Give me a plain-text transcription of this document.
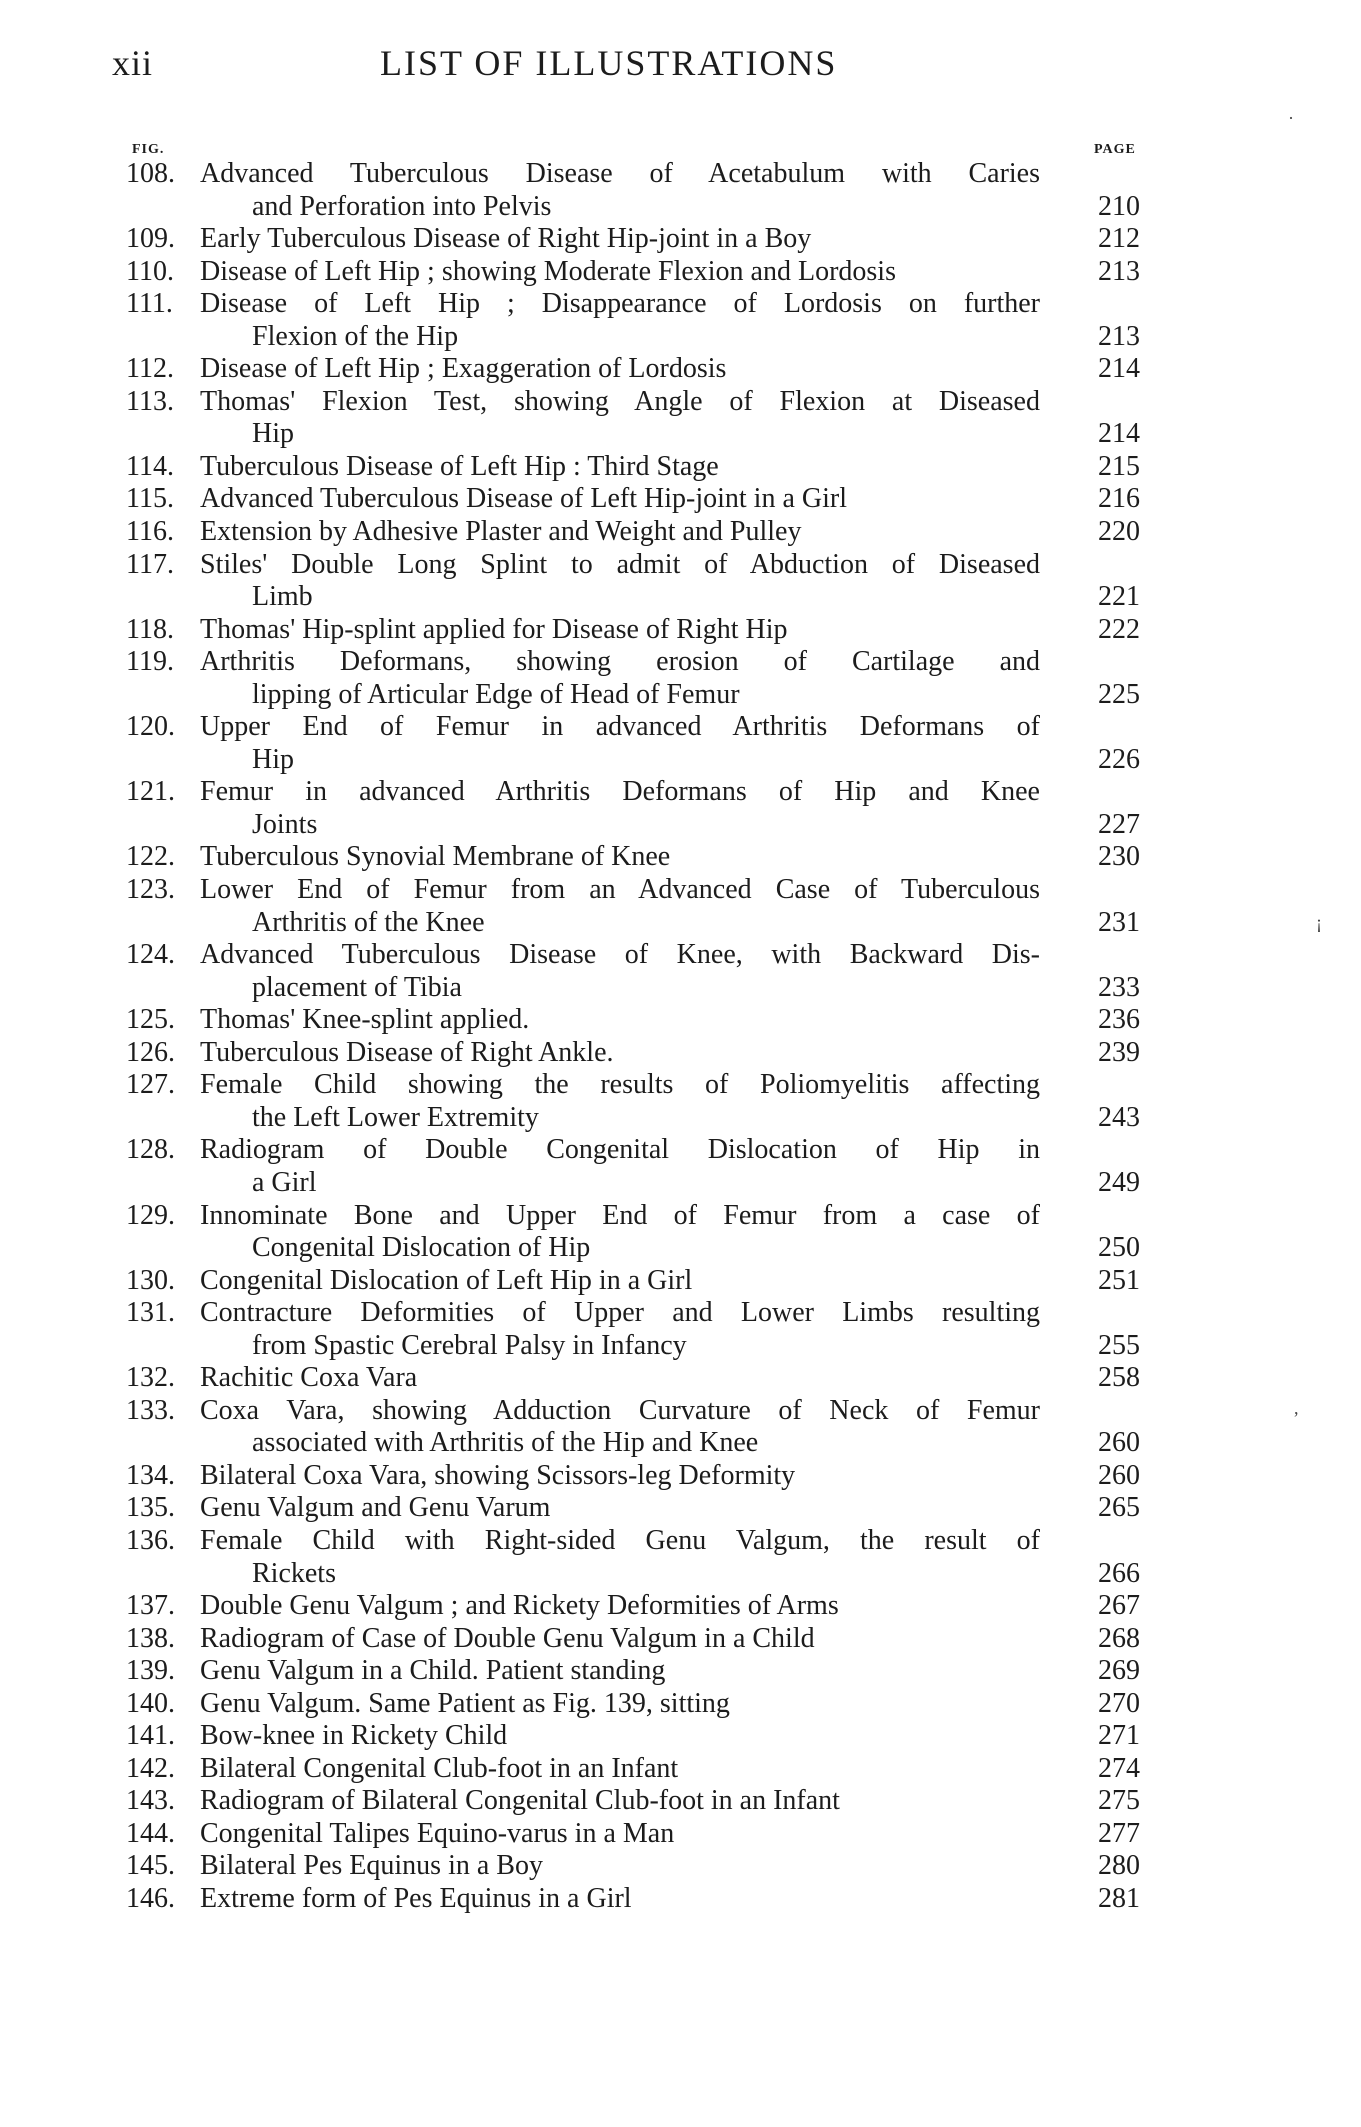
xii	LIST OF ILLUSTRATIONS
FIG.	PAGE
108. Advanced Tuberculous Disease of Acetabulum with Caries
and Perforation into Pelvis	210
109. Early Tuberculous Disease of Right Hip-joint in a Boy	212
110. Disease of Left Hip ; showing Moderate Flexion and Lordosis	213
111. Disease of Left Hip ; Disappearance of Lordosis on further
Flexion of the Hip	213
112. Disease of Left Hip ; Exaggeration of Lordosis	214
113. Thomas' Flexion Test, showing Angle of Flexion at Diseased
Hip	214
114. Tuberculous Disease of Left Hip : Third Stage	215
115. Advanced Tuberculous Disease of Left Hip-joint in a Girl	216
116. Extension by Adhesive Plaster and Weight and Pulley	220
117. Stiles' Double Long Splint to admit of Abduction of Diseased
Limb	221
118. Thomas' Hip-splint applied for Disease of Right Hip	222
119. Arthritis Deformans, showing erosion of Cartilage and
lipping of Articular Edge of Head of Femur	225
120. Upper End of Femur in advanced Arthritis Deformans of
Hip	226
121. Femur in advanced Arthritis Deformans of Hip and Knee
Joints	227
122. Tuberculous Synovial Membrane of Knee	230
123. Lower End of Femur from an Advanced Case of Tuberculous
Arthritis of the Knee	231
124. Advanced Tuberculous Disease of Knee, with Backward Dis-
placement of Tibia	233
125. Thomas' Knee-splint applied.	236
126. Tuberculous Disease of Right Ankle.	239
127. Female Child showing the results of Poliomyelitis affecting
the Left Lower Extremity	243
128. Radiogram of Double Congenital Dislocation of Hip in
a Girl	249
129. Innominate Bone and Upper End of Femur from a case of
Congenital Dislocation of Hip	250
130. Congenital Dislocation of Left Hip in a Girl	251
131. Contracture Deformities of Upper and Lower Limbs resulting
from Spastic Cerebral Palsy in Infancy	255
132. Rachitic Coxa Vara	258
133. Coxa Vara, showing Adduction Curvature of Neck of Femur
associated with Arthritis of the Hip and Knee	260
134. Bilateral Coxa Vara, showing Scissors-leg Deformity	260
135. Genu Valgum and Genu Varum	265
136. Female Child with Right-sided Genu Valgum, the result of
Rickets	266
137. Double Genu Valgum ; and Rickety Deformities of Arms	267
138. Radiogram of Case of Double Genu Valgum in a Child	268
139. Genu Valgum in a Child. Patient standing	269
140. Genu Valgum. Same Patient as Fig. 139, sitting	270
141. Bow-knee in Rickety Child	271
142. Bilateral Congenital Club-foot in an Infant	274
143. Radiogram of Bilateral Congenital Club-foot in an Infant	275
144. Congenital Talipes Equino-varus in a Man	277
145. Bilateral Pes Equinus in a Boy	280
146. Extreme form of Pes Equinus in a Girl	281
·
¡
,
